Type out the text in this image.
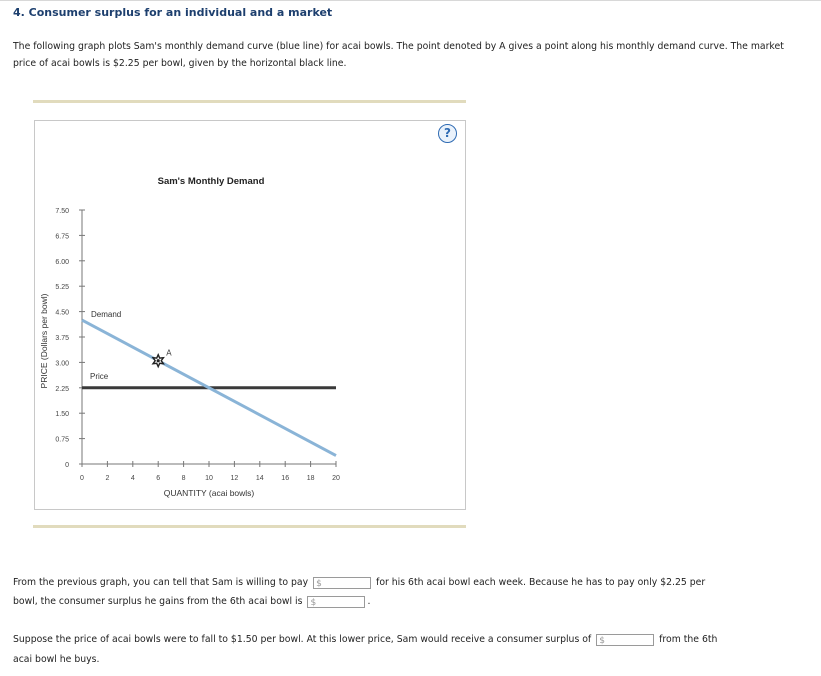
4. Consumer surplus for an individual and a market
The following graph plots Sam's monthly demand curve (blue line) for acai bowls. The point denoted by A gives a point along his monthly demand curve. The market price of acai bowls is $2.25 per bowl, given by the horizontal black line.
?
Sam's Monthly Demand
PRICE (Dollars per bowl)
QUANTITY (acai bowls)
0
0.75
1.50
2.25
3.00
3.75
4.50
5.25
6.00
6.75
7.50
0	2	4	6	8	10	12	14	16	18	20
Price
Demand
A
From the previous graph, you can tell that Sam is willing to pay $	for his 6th acai bowl each week. Because he has to pay only $2.25 per
bowl, the consumer surplus he gains from the 6th acai bowl is $	.
Suppose the price of acai bowls were to fall to $1.50 per bowl. At this lower price, Sam would receive a consumer surplus of $	from the 6th
acai bowl he buys.
